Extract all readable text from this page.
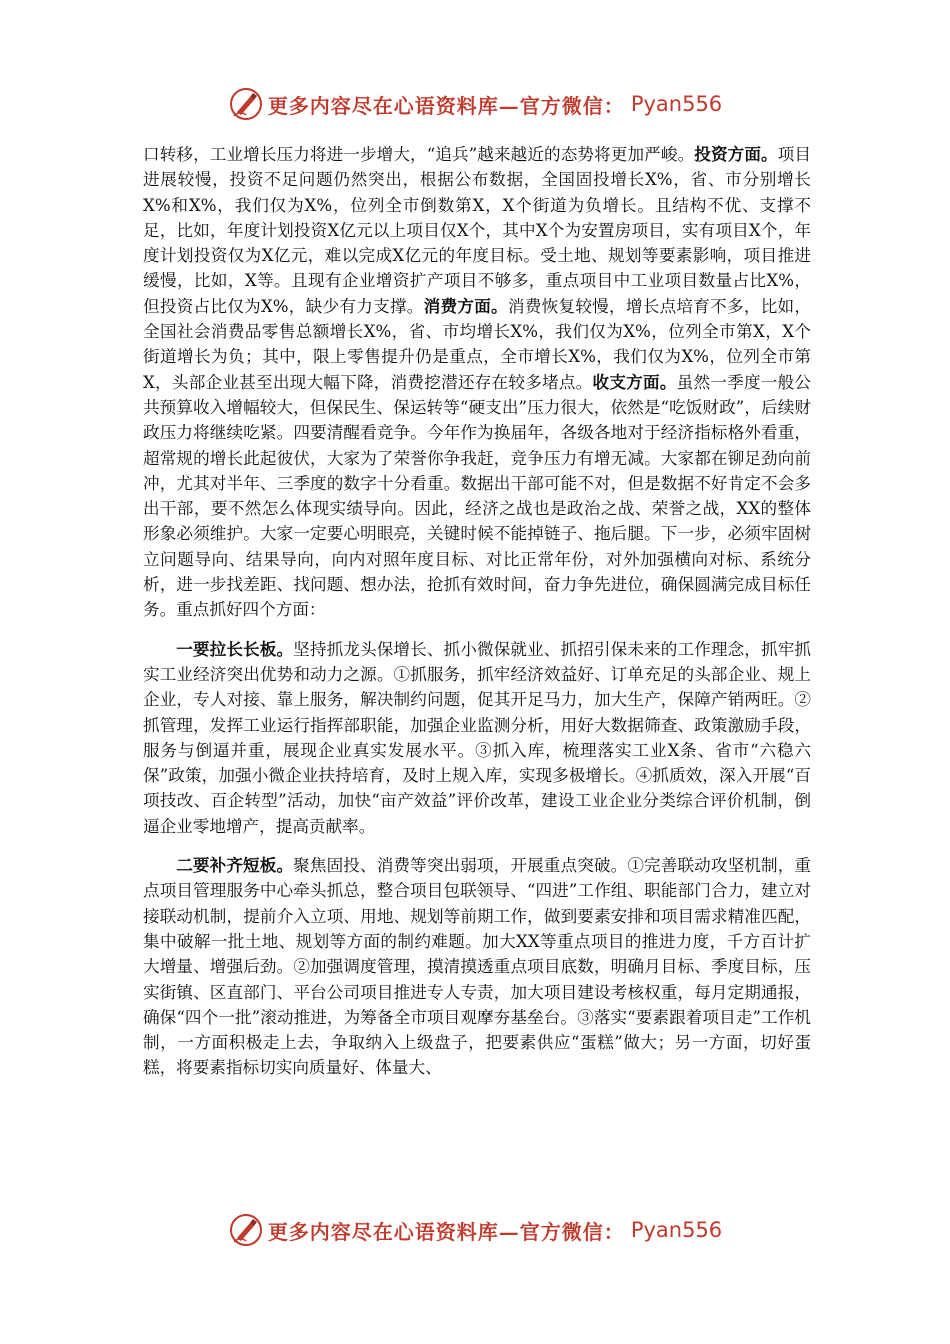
更多内容尽在心语资料库—官方微信： Pyan556

口转移，工业增长压力将进一步增大，“追兵”越来越近的态势将更加严峻。投资方面。项目进展较慢，投资不足问题仍然突出，根据公布数据，全国固投增长X%，省、市分别增长X%和X%，我们仅为X%，位列全市倒数第X，X个街道为负增长。且结构不优、支撑不足，比如，年度计划投资X亿元以上项目仅X个，其中X个为安置房项目，实有项目X个，年度计划投资仅为X亿元，难以完成X亿元的年度目标。受土地、规划等要素影响，项目推进缓慢，比如，X等。且现有企业增资扩产项目不够多，重点项目中工业项目数量占比X%，但投资占比仅为X%，缺少有力支撑。消费方面。消费恢复较慢，增长点培育不多，比如，全国社会消费品零售总额增长X%，省、市均增长X%，我们仅为X%，位列全市第X，X个街道增长为负；其中，限上零售提升仍是重点，全市增长X%，我们仅为X%，位列全市第X，头部企业甚至出现大幅下降，消费挖潜还存在较多堵点。收支方面。虽然一季度一般公共预算收入增幅较大，但保民生、保运转等“硬支出”压力很大，依然是“吃饭财政”，后续财政压力将继续吃紧。四要清醒看竞争。今年作为换届年，各级各地对于经济指标格外看重，超常规的增长此起彼伏，大家为了荣誉你争我赶，竞争压力有增无减。大家都在铆足劲向前冲，尤其对半年、三季度的数字十分看重。数据出干部可能不对，但是数据不好肯定不会多出干部，要不然怎么体现实绩导向。因此，经济之战也是政治之战、荣誉之战，XX的整体形象必须维护。大家一定要心明眼亮，关键时候不能掉链子、拖后腿。下一步，必须牢固树立问题导向、结果导向，向内对照年度目标、对比正常年份，对外加强横向对标、系统分析，进一步找差距、找问题、想办法，抢抓有效时间，奋力争先进位，确保圆满完成目标任务。重点抓好四个方面：

一要拉长长板。坚持抓龙头保增长、抓小微保就业、抓招引保未来的工作理念，抓牢抓实工业经济突出优势和动力之源。①抓服务，抓牢经济效益好、订单充足的头部企业、规上企业，专人对接、靠上服务，解决制约问题，促其开足马力，加大生产，保障产销两旺。②抓管理，发挥工业运行指挥部职能，加强企业监测分析，用好大数据筛查、政策激励手段，服务与倒逼并重，展现企业真实发展水平。③抓入库，梳理落实工业X条、省市“六稳六保”政策，加强小微企业扶持培育，及时上规入库，实现多极增长。④抓质效，深入开展“百项技改、百企转型”活动，加快“亩产效益”评价改革，建设工业企业分类综合评价机制，倒逼企业零地增产，提高贡献率。

二要补齐短板。聚焦固投、消费等突出弱项，开展重点突破。①完善联动攻坚机制，重点项目管理服务中心牵头抓总，整合项目包联领导、“四进”工作组、职能部门合力，建立对接联动机制，提前介入立项、用地、规划等前期工作，做到要素安排和项目需求精准匹配，集中破解一批土地、规划等方面的制约难题。加大XX等重点项目的推进力度，千方百计扩大增量、增强后劲。②加强调度管理，摸清摸透重点项目底数，明确月目标、季度目标，压实街镇、区直部门、平台公司项目推进专人专责，加大项目建设考核权重，每月定期通报，确保“四个一批”滚动推进，为筹备全市项目观摩夯基垒台。③落实“要素跟着项目走”工作机制，一方面积极走上去，争取纳入上级盘子，把要素供应“蛋糕”做大；另一方面，切好蛋糕，将要素指标切实向质量好、体量大、

更多内容尽在心语资料库—官方微信： Pyan556
